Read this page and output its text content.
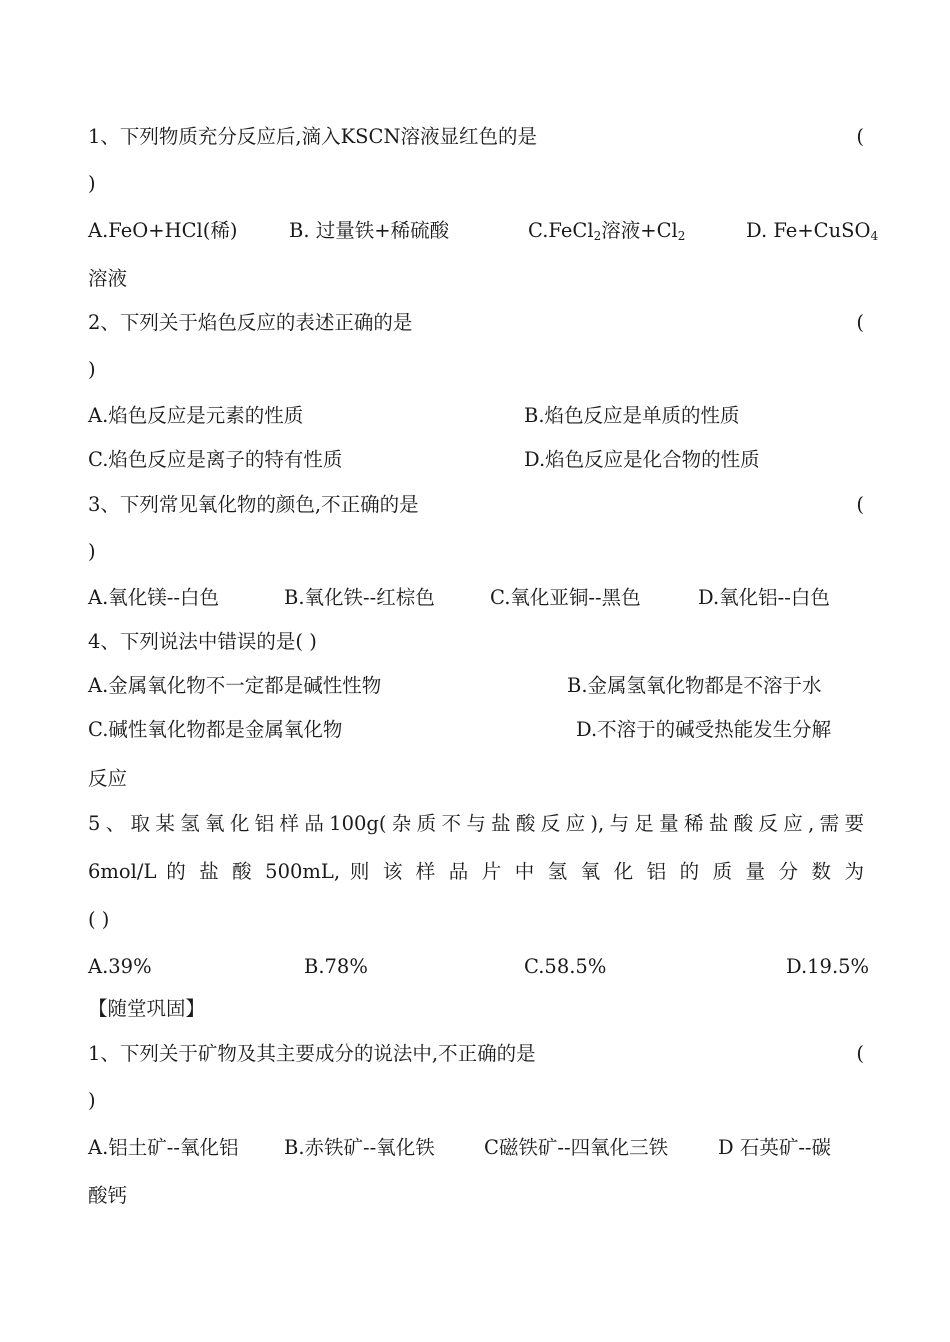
1、下列物质充分反应后,滴入KSCN溶液显红色的是	(
)
A.FeO+HCl(稀)	B. 过量铁+稀硫酸	C.FeCl$_2$溶液$+Cl_2$	D. Fe+CuSO$_4$
溶液
2、下列关于焰色反应的表述正确的是	(
)
A.焰色反应是元素的性质	B.焰色反应是单质的性质
C.焰色反应是离子的特有性质	D.焰色反应是化合物的性质
3、下列常见氧化物的颜色,不正确的是	(
)
A.氧化镁--白色	B.氧化铁--红棕色	C.氧化亚铜--黑色	D.氧化铝--白色
4、下列说法中错误的是( )
A.金属氧化物不一定都是碱性性物	B.金属氢氧化物都是不溶于水
C.碱性氧化物都是金属氧化物	D.不溶于的碱受热能发生分解
反应
5、取某氢氧化铝样品100g(杂质不与盐酸反应),与足量稀盐酸反应,需要
6mol/L 的 盐 酸 500mL, 则 该 样 品 片 中 氢 氧 化 铝 的 质 量 分 数 为
( )
A.39%	B.78%	C.58.5%	D.19.5%
【随堂巩固】
1、下列关于矿物及其主要成分的说法中,不正确的是	(
)
A.铝土矿--氧化铝 B.赤铁矿--氧化铁	C磁铁矿--四氧化三铁	D 石英矿--碳
酸钙
